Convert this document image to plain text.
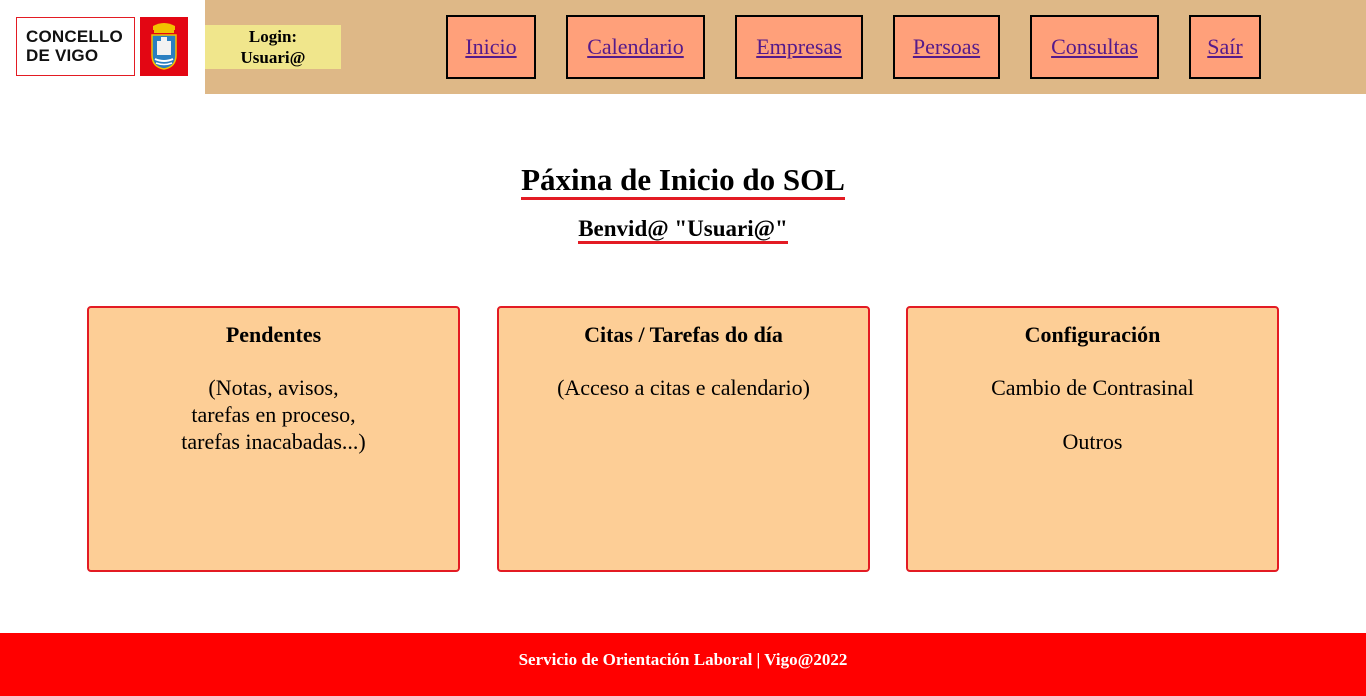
CONCELLO
DE VIGO
Login:
Usuari@	Inicio	Calendario	Empresas	Persoas	Consultas	Saír
Páxina de Inicio do SOL
Benvid@ "Usuari@"
Pendentes
(Notas, avisos,
tarefas en proceso,
tarefas inacabadas...)
Citas / Tarefas do día
(Acceso a citas e calendario)
Configuración
Cambio de Contrasinal
Outros
Servicio de Orientación Laboral | Vigo@2022
